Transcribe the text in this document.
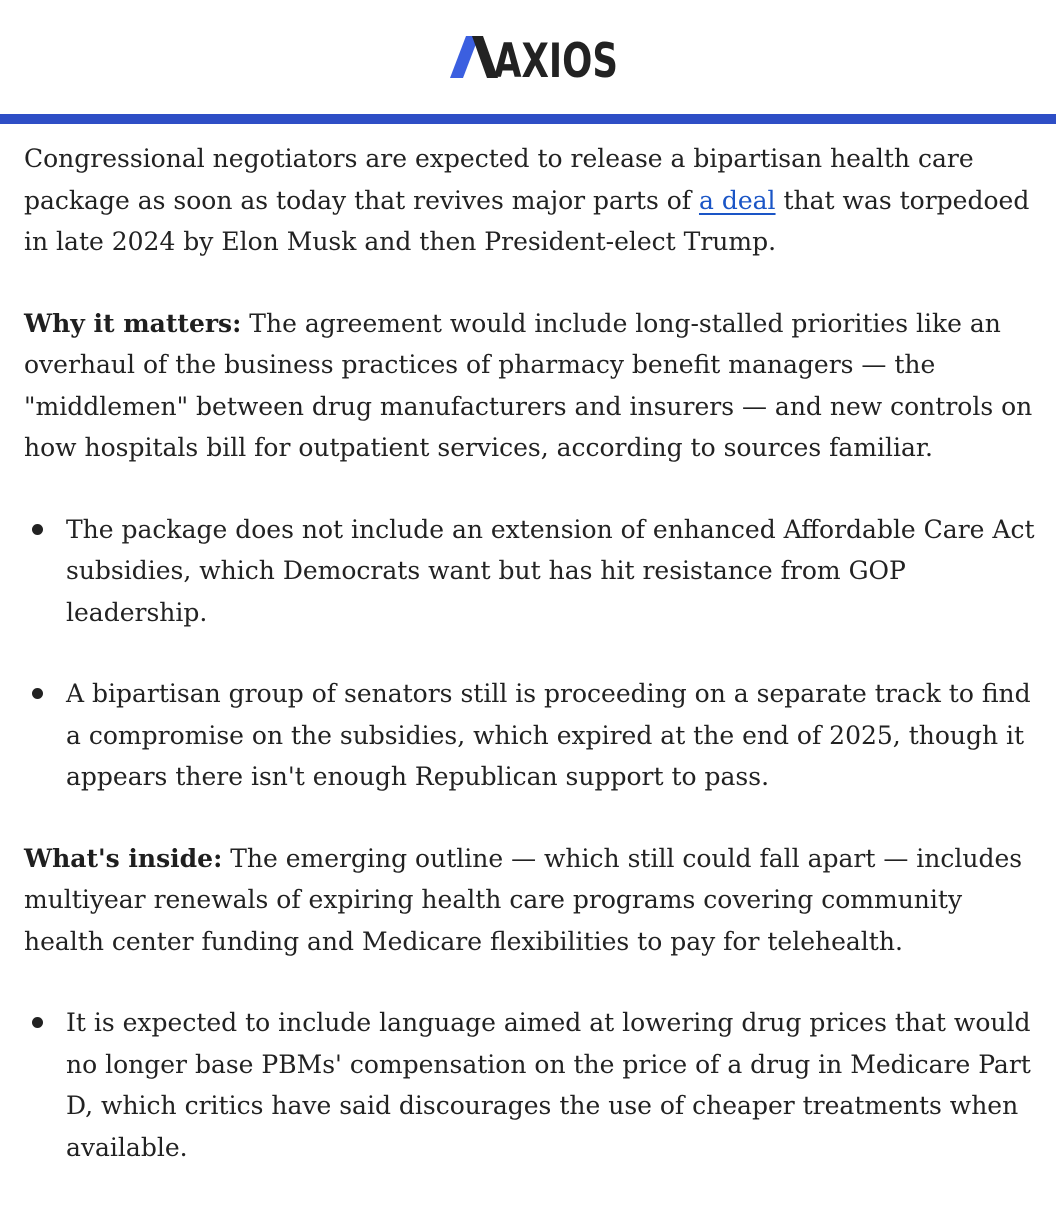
AXIOS

Congressional negotiators are expected to release a bipartisan health care package as soon as today that revives major parts of a deal that was torpedoed in late 2024 by Elon Musk and then President-elect Trump.

Why it matters: The agreement would include long-stalled priorities like an overhaul of the business practices of pharmacy benefit managers — the "middlemen" between drug manufacturers and insurers — and new controls on how hospitals bill for outpatient services, according to sources familiar.

The package does not include an extension of enhanced Affordable Care Act subsidies, which Democrats want but has hit resistance from GOP leadership.
A bipartisan group of senators still is proceeding on a separate track to find a compromise on the subsidies, which expired at the end of 2025, though it appears there isn't enough Republican support to pass.

What's inside: The emerging outline — which still could fall apart — includes multiyear renewals of expiring health care programs covering community health center funding and Medicare flexibilities to pay for telehealth.

It is expected to include language aimed at lowering drug prices that would no longer base PBMs' compensation on the price of a drug in Medicare Part D, which critics have said discourages the use of cheaper treatments when available.
